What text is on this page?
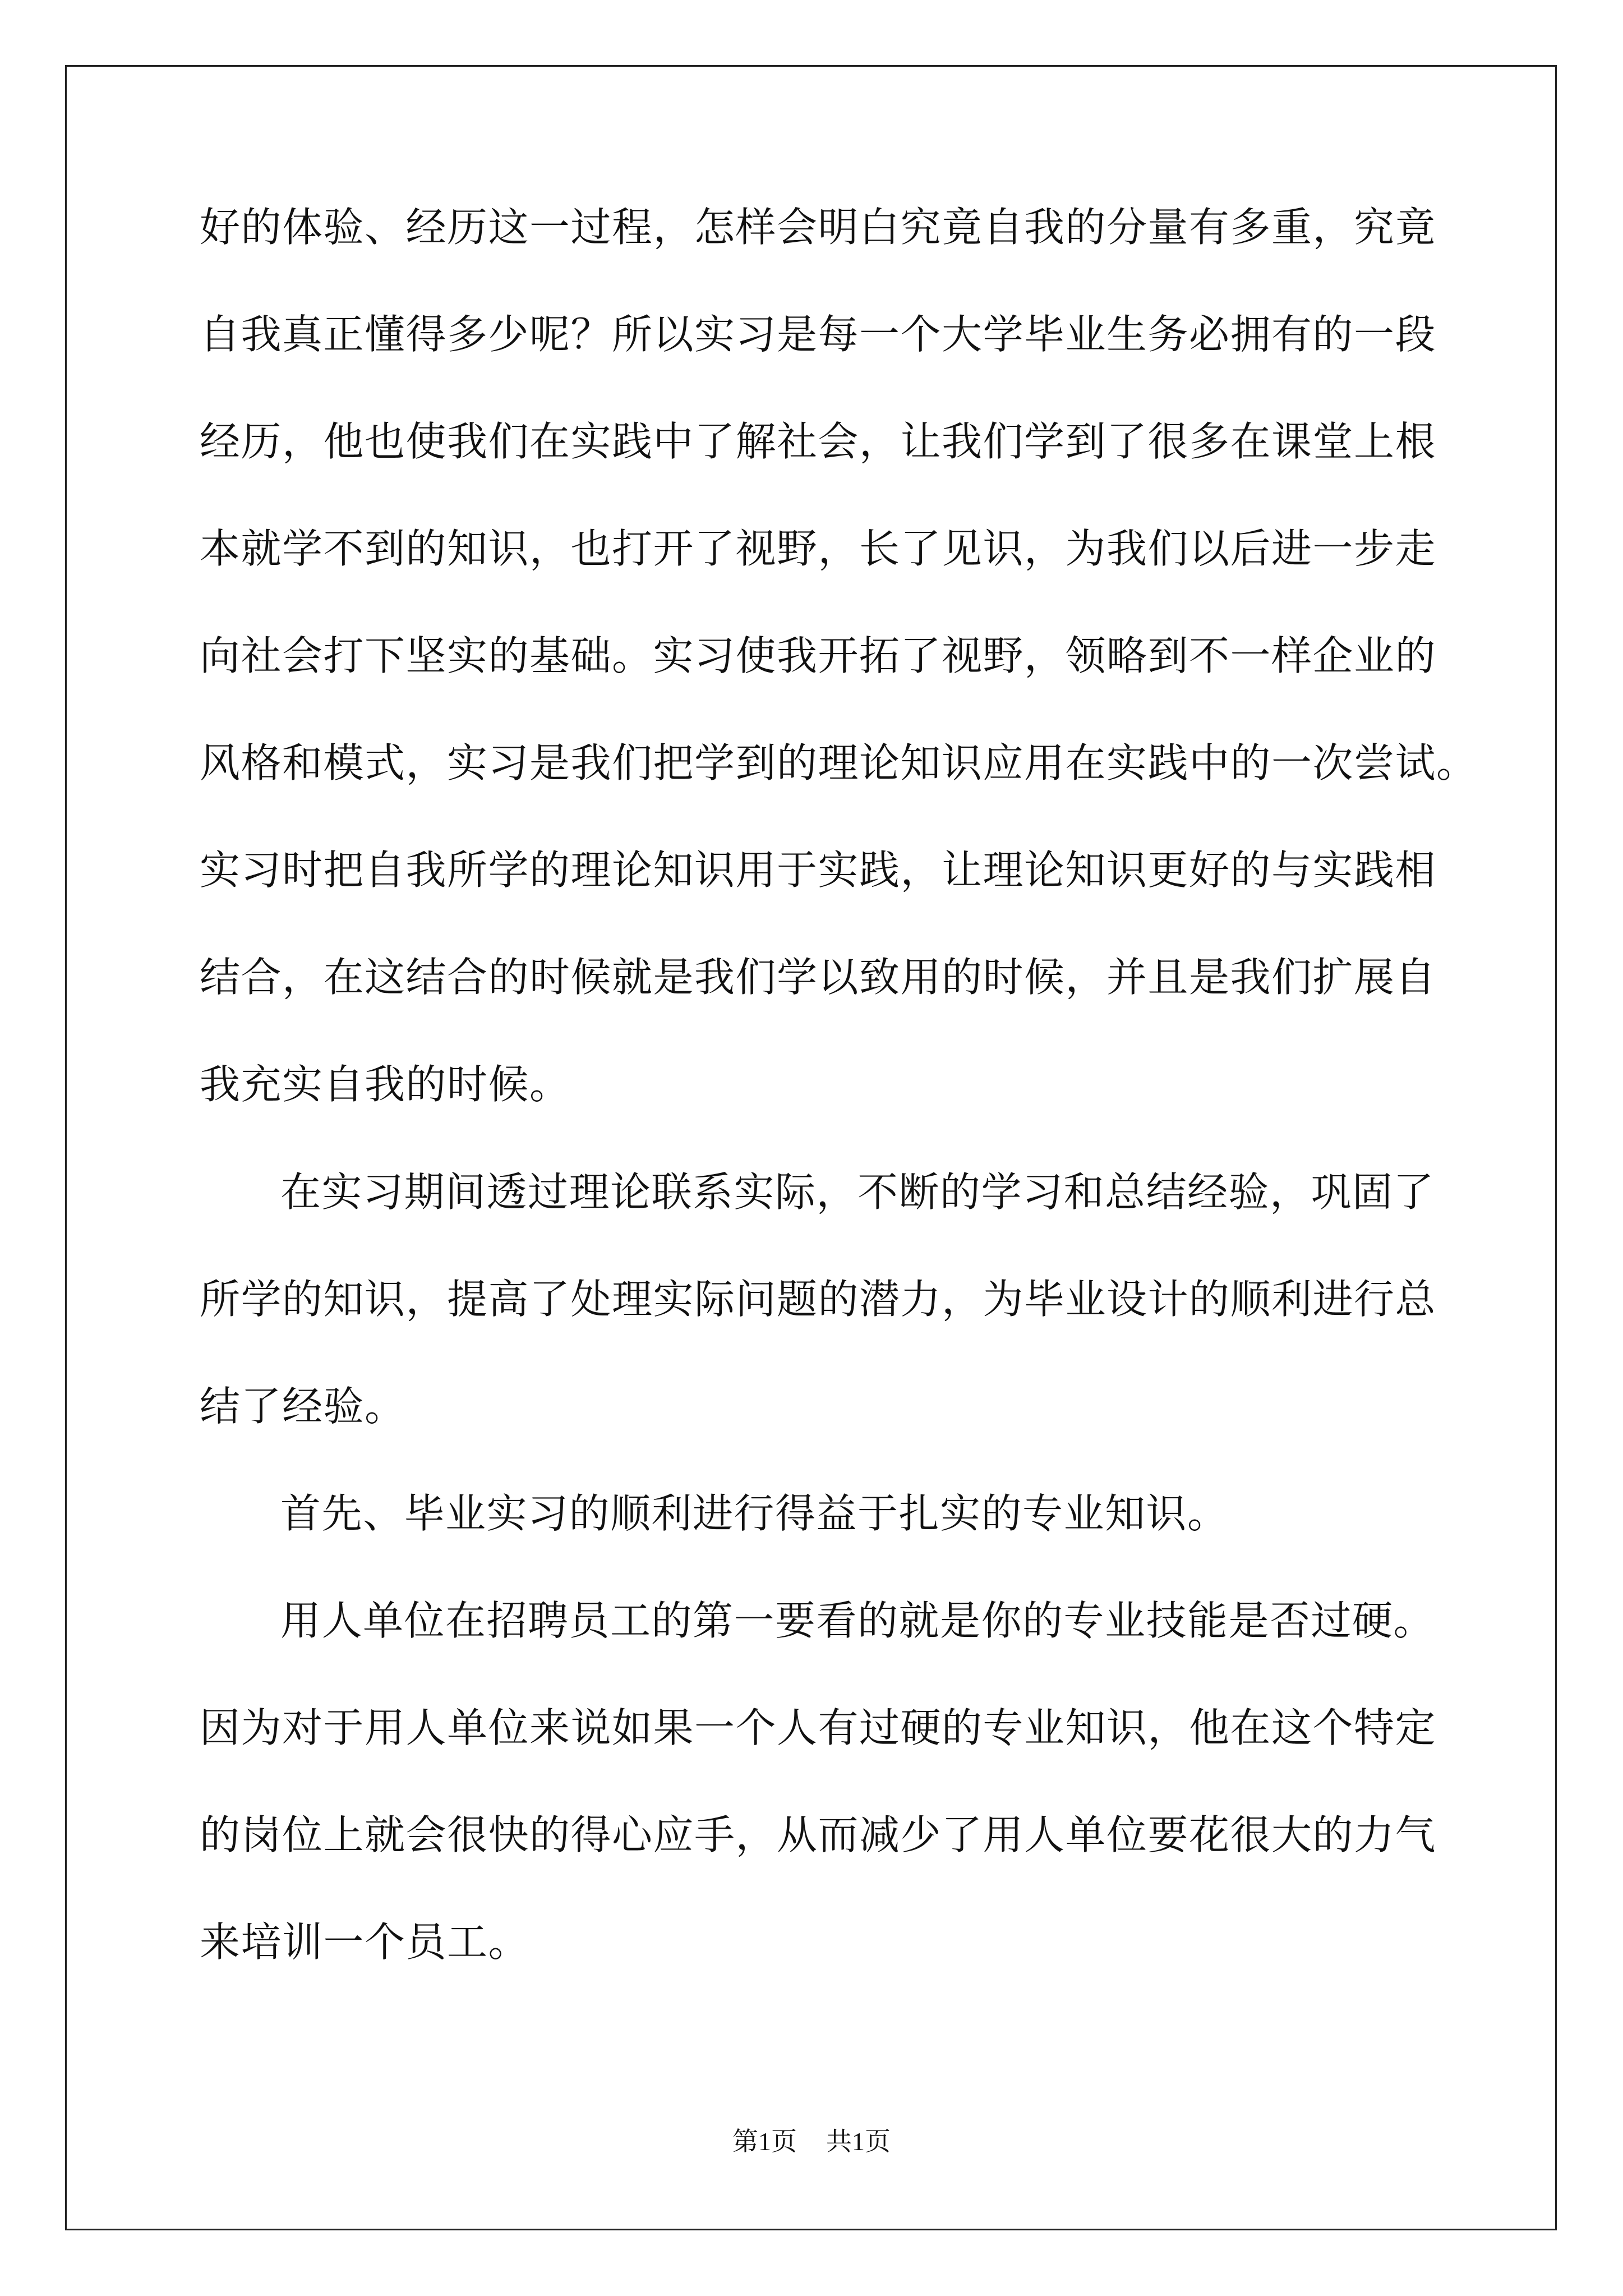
好的体验、经历这一过程，怎样会明白究竟自我的分量有多重，究竟
自我真正懂得多少呢？所以实习是每一个大学毕业生务必拥有的一段
经历，他也使我们在实践中了解社会，让我们学到了很多在课堂上根
本就学不到的知识，也打开了视野，长了见识，为我们以后进一步走
向社会打下坚实的基础。实习使我开拓了视野，领略到不一样企业的
风格和模式，实习是我们把学到的理论知识应用在实践中的一次尝试。
实习时把自我所学的理论知识用于实践，让理论知识更好的与实践相
结合，在这结合的时候就是我们学以致用的时候，并且是我们扩展自
我充实自我的时候。
在实习期间透过理论联系实际，不断的学习和总结经验，巩固了
所学的知识，提高了处理实际问题的潜力，为毕业设计的顺利进行总
结了经验。
首先、毕业实习的顺利进行得益于扎实的专业知识。
用人单位在招聘员工的第一要看的就是你的专业技能是否过硬。
因为对于用人单位来说如果一个人有过硬的专业知识，他在这个特定
的岗位上就会很快的得心应手，从而减少了用人单位要花很大的力气
来培训一个员工。
第1页 共1页
